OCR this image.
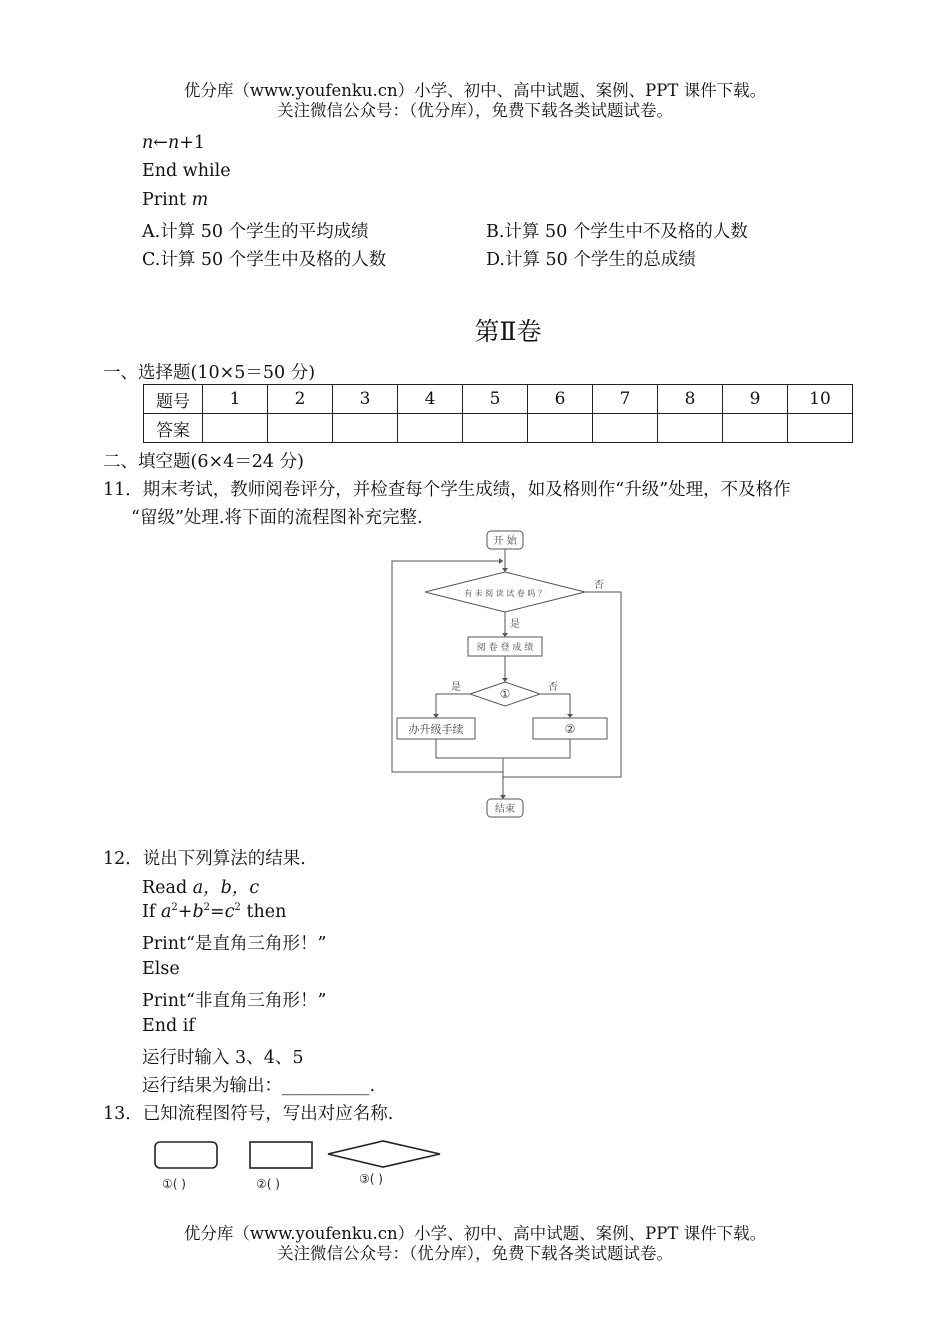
优分库（www.youfenku.cn）小学、初中、高中试题、案例、PPT 课件下载。
关注微信公众号：（优分库），免费下载各类试题试卷。
n←n+1
End while
Print m
A.计算 50 个学生的平均成绩	B.计算 50 个学生中不及格的人数
C.计算 50 个学生中及格的人数	D.计算 50 个学生的总成绩
第Ⅱ卷
一、选择题(10×5＝50 分)
题号	1	2	3	4	5	6	7	8	9	10
答案										
二、填空题(6×4＝24 分)
11．期末考试，教师阅卷评分，并检查每个学生成绩，如及格则作“升级”处理，不及格作
“留级”处理.将下面的流程图补充完整.
开 始
有 未 阅 读 试 卷 吗 ？
否
是
阅 卷 登 成 绩
①
是	否
办升级手续	②
结束
12．说出下列算法的结果.
Read a，b，c
If $a^2+b^2=c^2$ then
Print“是直角三角形！”
Else
Print“非直角三角形！”
End if
运行时输入 3、4、5
运行结果为输出：__________.
13．已知流程图符号，写出对应名称.
①( )	②( )	③( )
优分库（www.youfenku.cn）小学、初中、高中试题、案例、PPT 课件下载。
关注微信公众号：（优分库），免费下载各类试题试卷。
